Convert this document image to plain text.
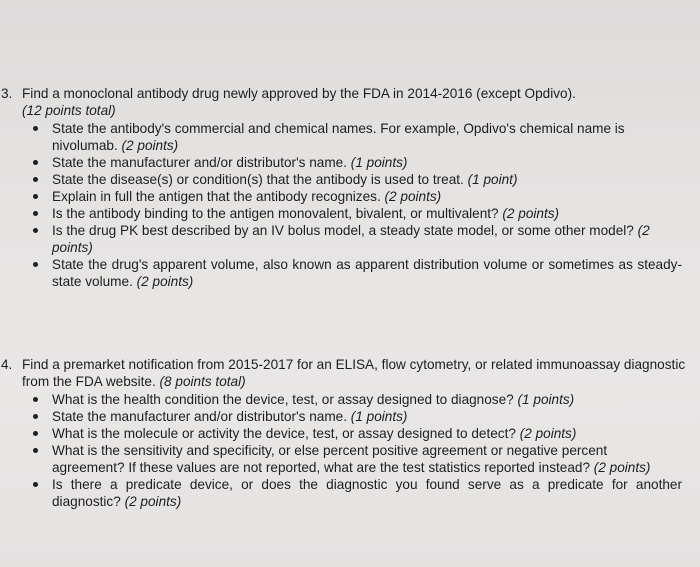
3. Find a monoclonal antibody drug newly approved by the FDA in 2014-2016 (except Opdivo).
(12 points total)
State the antibody's commercial and chemical names. For example, Opdivo's chemical name is nivolumab. (2 points)
State the manufacturer and/or distributor's name. (1 points)
State the disease(s) or condition(s) that the antibody is used to treat. (1 point)
Explain in full the antigen that the antibody recognizes. (2 points)
Is the antibody binding to the antigen monovalent, bivalent, or multivalent? (2 points)
Is the drug PK best described by an IV bolus model, a steady state model, or some other model? (2 points)
State the drug's apparent volume, also known as apparent distribution volume or sometimes as steady-state volume. (2 points)
4. Find a premarket notification from 2015-2017 for an ELISA, flow cytometry, or related immunoassay diagnostic from the FDA website. (8 points total)
What is the health condition the device, test, or assay designed to diagnose? (1 points)
State the manufacturer and/or distributor's name. (1 points)
What is the molecule or activity the device, test, or assay designed to detect? (2 points)
What is the sensitivity and specificity, or else percent positive agreement or negative percent agreement? If these values are not reported, what are the test statistics reported instead? (2 points)
Is there a predicate device, or does the diagnostic you found serve as a predicate for another diagnostic? (2 points)
